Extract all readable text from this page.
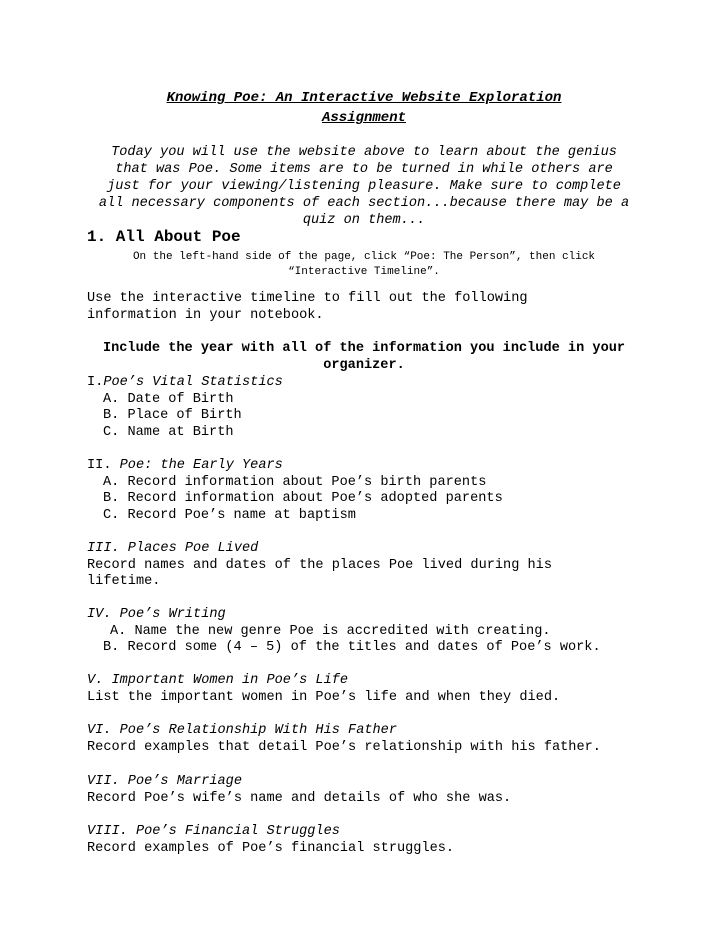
Knowing Poe: An Interactive Website Exploration
Assignment
Today you will use the website above to learn about the genius
that was Poe. Some items are to be turned in while others are
just for your viewing/listening pleasure. Make sure to complete
all necessary components of each section...because there may be a
quiz on them...
1. All About Poe
On the left-hand side of the page, click “Poe: The Person”, then click
“Interactive Timeline”.
Use the interactive timeline to fill out the following
information in your notebook.
Include the year with all of the information you include in your
organizer.
I.Poe’s Vital Statistics
A. Date of Birth
B. Place of Birth
C. Name at Birth
II. Poe: the Early Years
A. Record information about Poe’s birth parents
B. Record information about Poe’s adopted parents
C. Record Poe’s name at baptism
III. Places Poe Lived
Record names and dates of the places Poe lived during his
lifetime.
IV. Poe’s Writing
A. Name the new genre Poe is accredited with creating.
B. Record some (4 – 5) of the titles and dates of Poe’s work.
V. Important Women in Poe’s Life
List the important women in Poe’s life and when they died.
VI. Poe’s Relationship With His Father
Record examples that detail Poe’s relationship with his father.
VII. Poe’s Marriage
Record Poe’s wife’s name and details of who she was.
VIII. Poe’s Financial Struggles
Record examples of Poe’s financial struggles.
